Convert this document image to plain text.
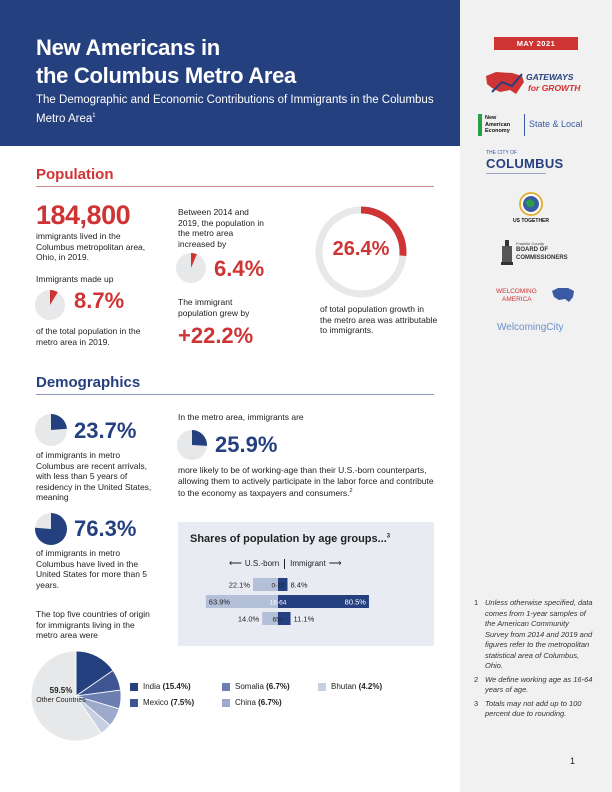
New Americans in
the Columbus Metro Area
The Demographic and Economic Contributions of Immigrants in the Columbus Metro Area$^1$
MAY 2021
GATEWAYS
for GROWTH
New
American
Economy
State & Local
THE CITY OF
COLUMBUS
US TOGETHER
Franklin County
BOARD OF
COMMISSIONERS
WELCOMING
AMERICA
WelcomingCity
1 Unless otherwise specified, data comes from 1-year samples of the American Community Survey from 2014 and 2019 and figures refer to the metropolitan statistical area of Columbus, Ohio.
2 We define working age as 16-64 years of age.
3 Totals may not add up to 100 percent due to rounding.
1
Population
184,800
immigrants lived in the Columbus metropolitan area, Ohio, in 2019.
Immigrants made up
8.7%
of the total population in the metro area in 2019.
Between 2014 and 2019, the population in the metro area increased by
6.4%
The immigrant population grew by
+22.2%
26.4%
of total population growth in the metro area was attributable to immigrants.
Demographics
23.7%
of immigrants in metro Columbus are recent arrivals, with less than 5 years of residency in the United States, meaning
76.3%
of immigrants in metro Columbus have lived in the United States for more than 5 years.
The top five countries of origin for immigrants living in the metro area were
In the metro area, immigrants are
25.9%
more likely to be of working-age than their U.S.-born counterparts, allowing them to actively participate in the labor force and contribute to the economy as taxpayers and consumers.$^2$
Shares of population by age groups...$^3$
⟵ U.S.-born Immigrant ⟶
0-15
22.1%	8.4%
16-64
63.9%	80.5%
65+
14.0%	11.1%
59.5%
Other Countries
India (15.4%)
Mexico (7.5%)
Somalia (6.7%)
China (6.7%)
Bhutan (4.2%)
